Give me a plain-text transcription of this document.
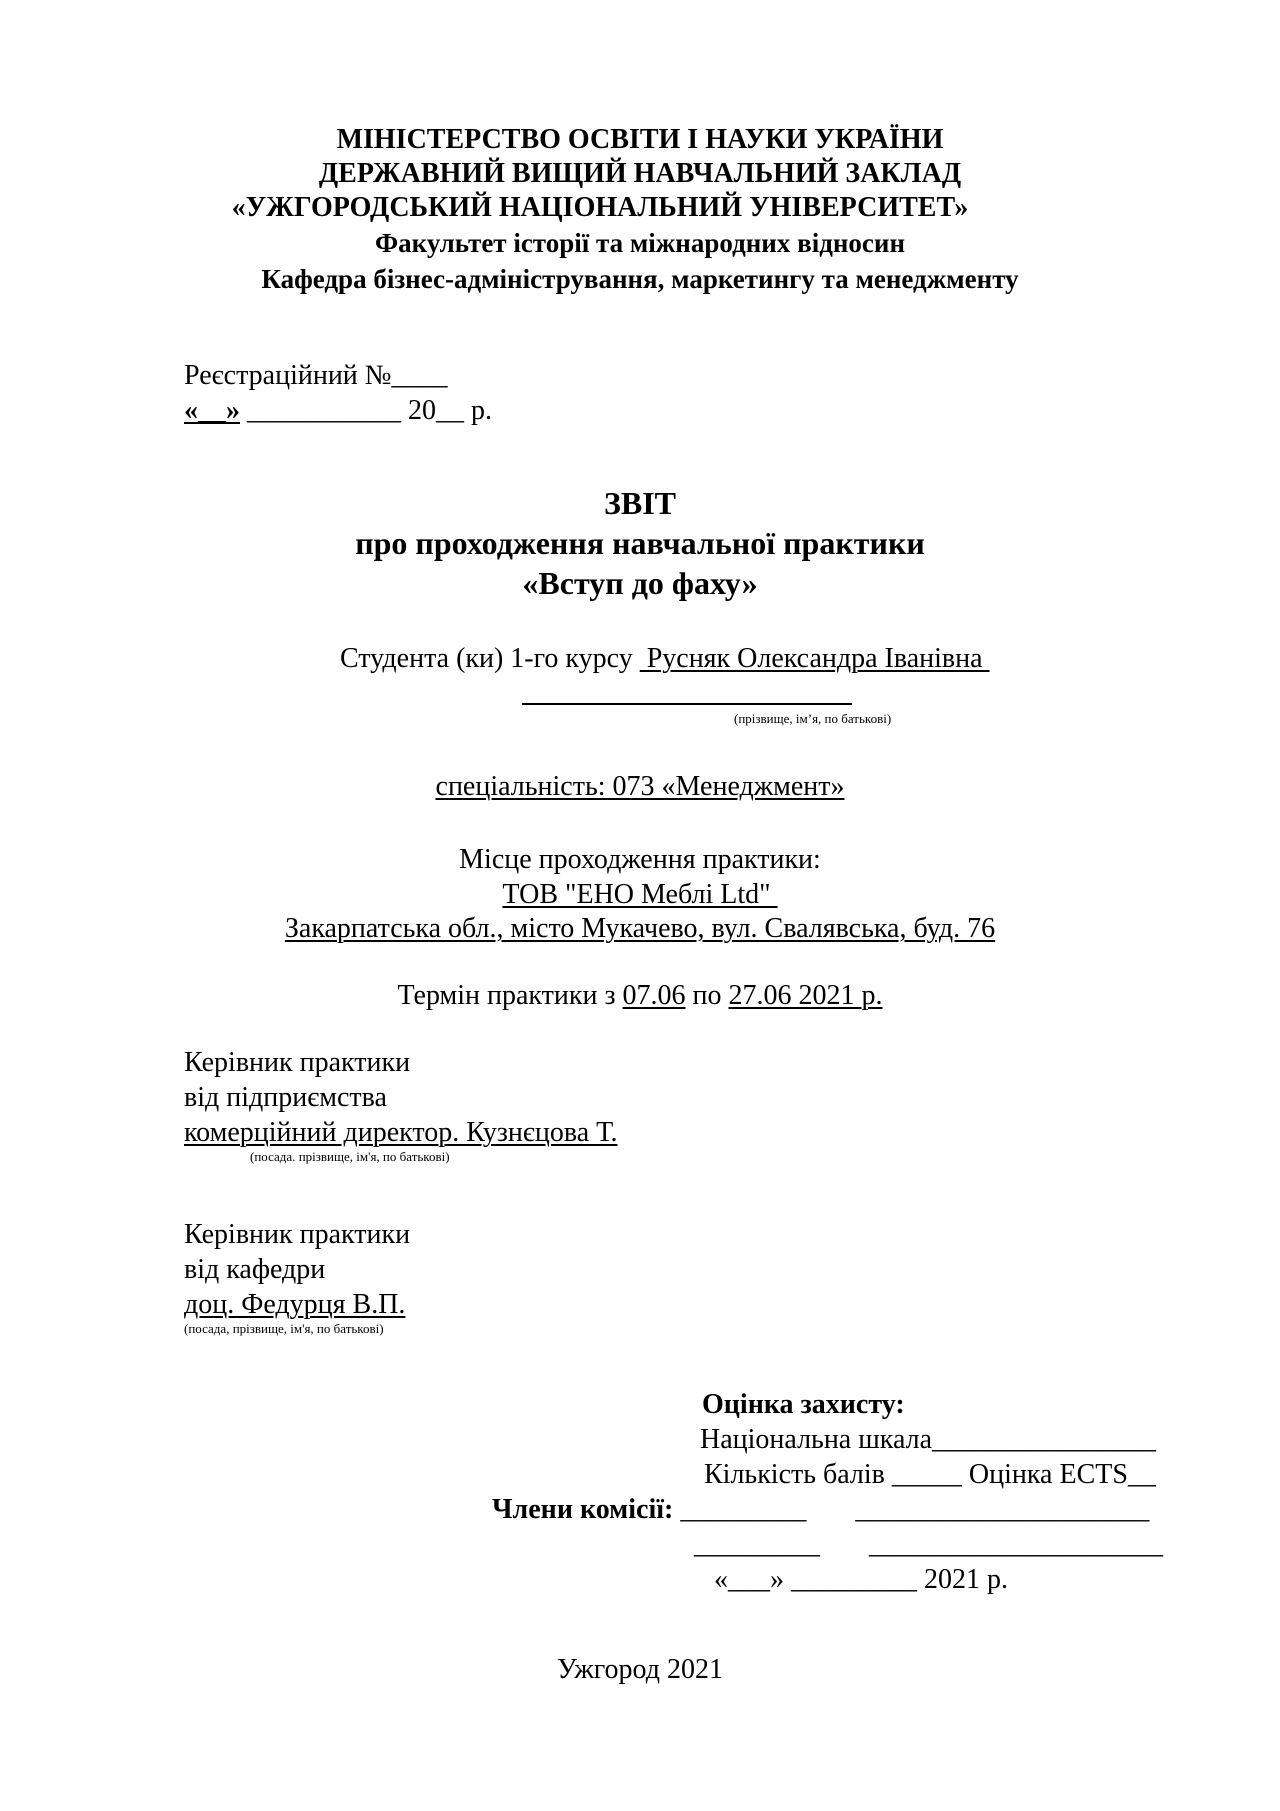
МІНІСТЕРСТВО ОСВІТИ І НАУКИ УКРАЇНИ
ДЕРЖАВНИЙ ВИЩИЙ НАВЧАЛЬНИЙ ЗАКЛАД
«УЖГОРОДСЬКИЙ НАЦІОНАЛЬНИЙ УНІВЕРСИТЕТ»
Факультет історії та міжнародних відносин
Кафедра бізнес-адміністрування, маркетингу та менеджменту
Реєстраційний №____
«__» ___________ 20__ р.
ЗВІТ
про проходження навчальної практики
«Вступ до фаху»
Студента (ки) 1-го курсу  Русняк Олександра Іванівна
(прізвище, ім’я, по батькові)
спеціальність: 073 «Менеджмент»
Місце проходження практики:
ТОВ "ЕНО Меблі Ltd"
Закарпатська обл., місто Мукачево, вул. Свалявська, буд. 76
Термін практики з 07.06 по 27.06 2021 р.
Керівник практики
від підприємства
комерційний директор. Кузнєцова Т.
(посада. прізвище, ім'я, по батькові)
Керівник практики
від кафедри
доц. Федурця В.П.
(посада, прізвище, ім'я, по батькові)
Оцінка захисту:
Національна шкала________________
Кількість балів _____ Оцінка ECTS__
Члени комісії: _________       _____________________
_________       _____________________
«___» _________ 2021 р.
Ужгород 2021
